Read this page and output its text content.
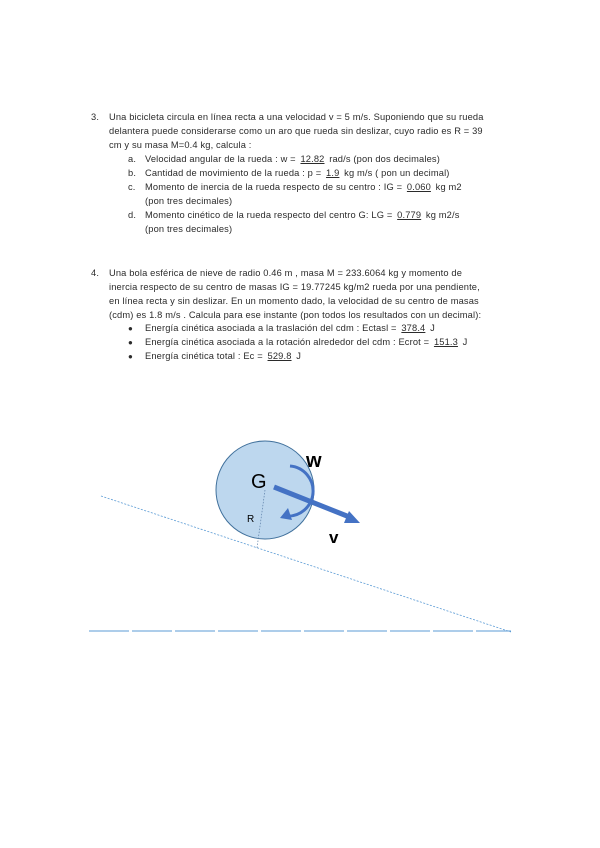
3. Una bicicleta circula en línea recta a una velocidad v = 5 m/s. Suponiendo que su rueda
delantera puede considerarse como un aro que rueda sin deslizar, cuyo radio es R = 39
cm y su masa M=0.4 kg, calcula :
a. Velocidad angular de la rueda : w = 12.82 rad/s (pon dos decimales)
b. Cantidad de movimiento de la rueda : p = 1.9 kg m/s ( pon un decimal)
c. Momento de inercia de la rueda respecto de su centro : IG = 0.060 kg m2
(pon tres decimales)
d. Momento cinético de la rueda respecto del centro G: LG = 0.779 kg m2/s
(pon tres decimales)
4. Una bola esférica de nieve de radio 0.46 m , masa M = 233.6064 kg y momento de
inercia respecto de su centro de masas IG = 19.77245 kg/m2 rueda por una pendiente,
en línea recta y sin deslizar. En un momento dado, la velocidad de su centro de masas
(cdm) es 1.8 m/s . Calcula para ese instante (pon todos los resultados con un decimal):
● Energía cinética asociada a la traslación del cdm : Ectasl = 378.4 J
● Energía cinética asociada a la rotación alrededor del cdm : Ecrot = 151.3 J
● Energía cinética total : Ec = 529.8 J
G
w
v
R
